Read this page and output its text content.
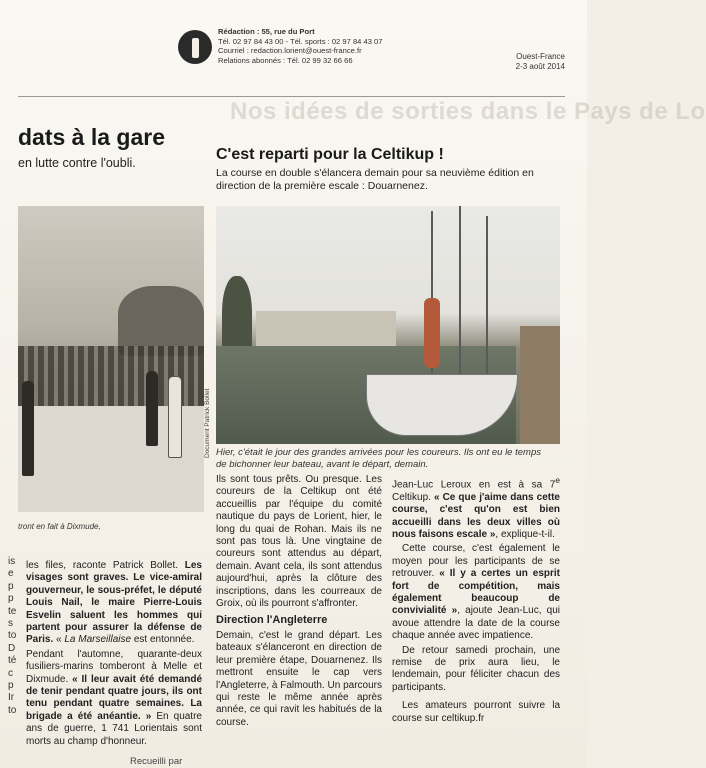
Rédaction : 55, rue du Port
Tél. 02 97 84 43 00 - Tél. sports : 02 97 84 43 07
Courriel : redaction.lorient@ouest-france.fr
Relations abonnés : Tél. 02 99 32 66 66	Ouest-France
2-3 août 2014
Nos idées de sorties dans le Pays de Lo
dats à la gare
en lutte contre l'oubli.	C'est reparti pour la Celtikup !
La course en double s'élancera demain pour sa neuvième édition en direction de la première escale : Douarnenez.
tront en fait à Dixmude,
Document Patrick Bollet Hier, c'était le jour des grandes arrivées pour les coureurs. Ils ont eu le temps de bichonner leur bateau, avant le départ, demain.
is e p p te s to D té c p Ir to

les files, raconte Patrick Bollet. Les visages sont graves. Le vice-amiral gouverneur, le sous-préfet, le député Louis Nail, le maire Pierre-Louis Esvelin saluent les hommes qui partent pour assurer la défense de Paris. « La Marseillaise est entonnée.

Pendant l'automne, quarante-deux fusiliers-marins tomberont à Melle et Dixmude. « Il leur avait été demandé de tenir pendant quatre jours, ils ont tenu pendant quatre semaines. La brigade a été anéantie. » En quatre ans de guerre, 1 741 Lorientais sont morts au champ d'honneur.

Recueilli par

Ils sont tous prêts. Ou presque. Les coureurs de la Celtikup ont été accueillis par l'équipe du comité nautique du pays de Lorient, hier, le long du quai de Rohan. Mais ils ne sont pas tous là. Une vingtaine de coureurs sont attendus au départ, demain. Avant cela, ils sont attendus aujourd'hui, après la clôture des inscriptions, dans les courreaux de Groix, où ils pourront s'affronter.

Direction l'Angleterre

Demain, c'est le grand départ. Les bateaux s'élanceront en direction de leur première étape, Douarnenez. Ils mettront ensuite le cap vers l'Angleterre, à Falmouth. Un parcours qui reste le même année après année, ce qui ravit les habitués de la course.

Jean-Luc Leroux en est à sa 7e Celtikup. « Ce que j'aime dans cette course, c'est qu'on est bien accueilli dans les deux villes où nous faisons escale », explique-t-il.

Cette course, c'est également le moyen pour les participants de se retrouver. « Il y a certes un esprit fort de compétition, mais également beaucoup de convivialité », ajoute Jean-Luc, qui avoue attendre la date de la course chaque année avec impatience.

De retour samedi prochain, une remise de prix aura lieu, le lendemain, pour féliciter chacun des participants.

Les amateurs pourront suivre la course sur celtikup.fr
